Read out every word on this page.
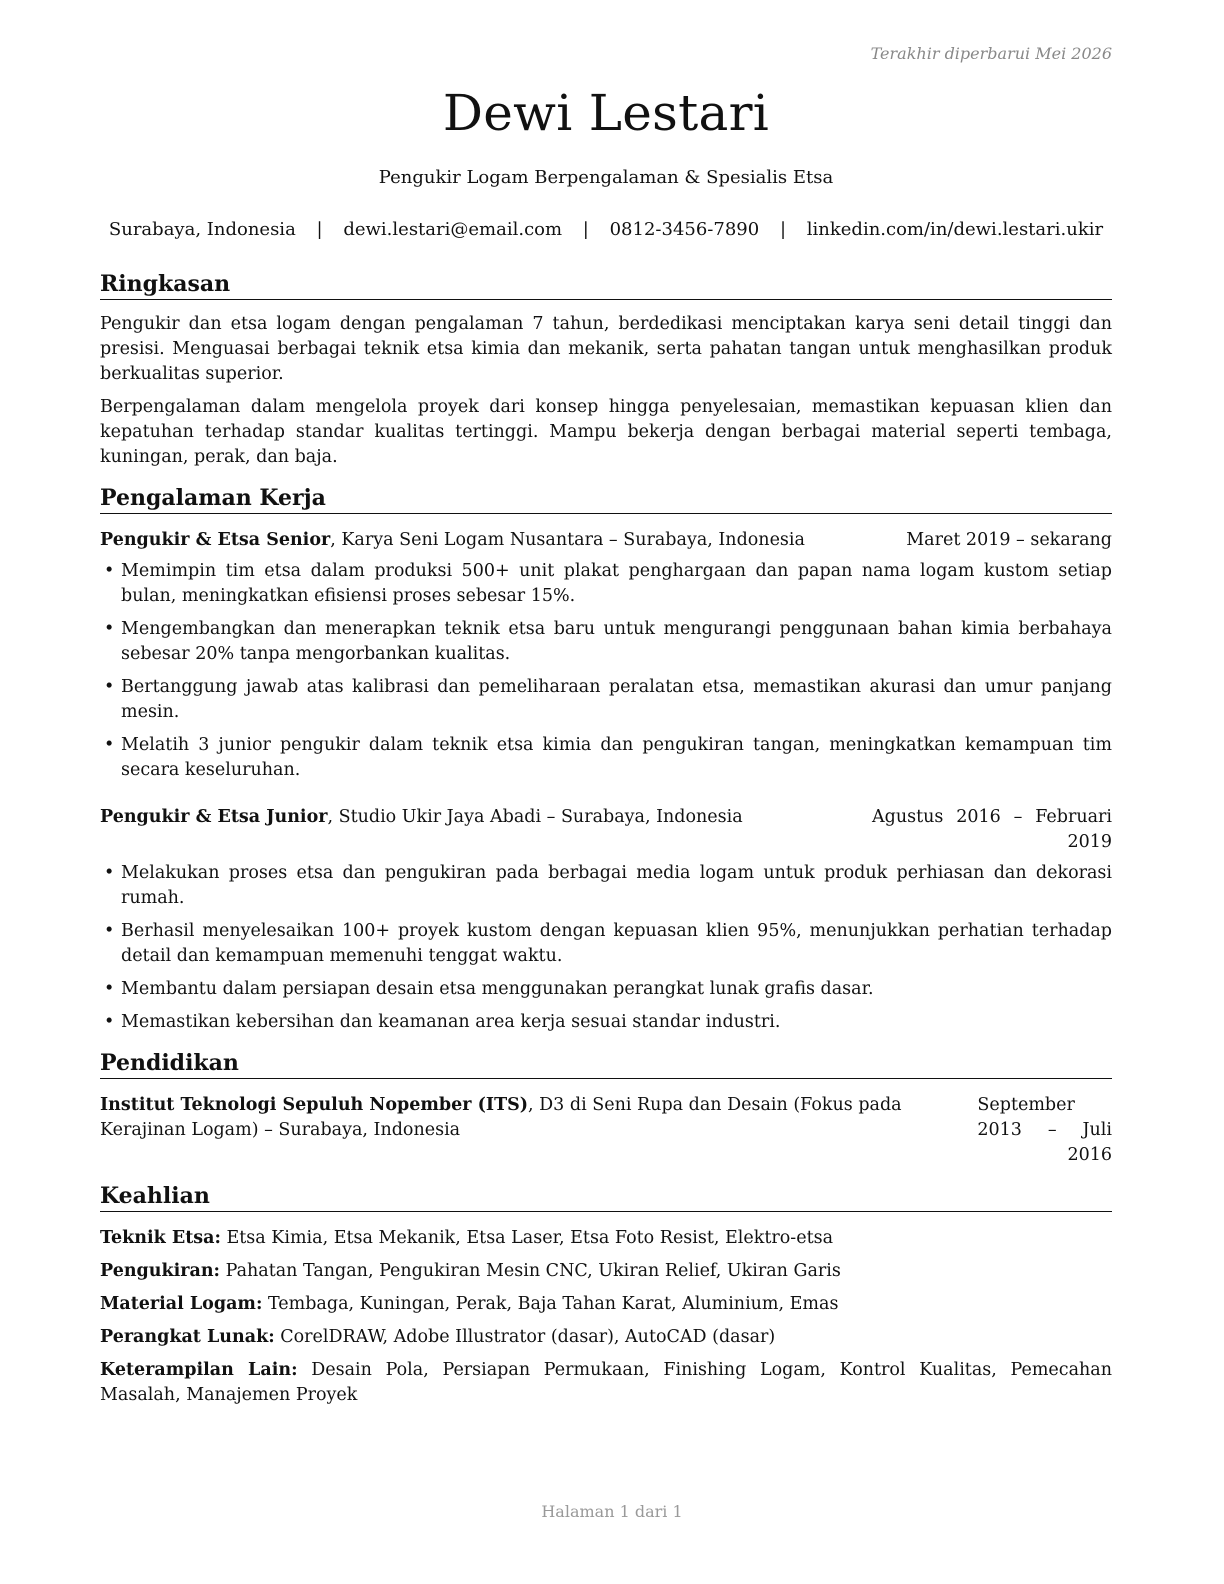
Terakhir diperbarui Mei 2026
Dewi Lestari
Pengukir Logam Berpengalaman & Spesialis Etsa
Surabaya, Indonesia | dewi.lestari@email.com | 0812-3456-7890 | linkedin.com/in/dewi.lestari.ukir
Ringkasan

Pengukir dan etsa logam dengan pengalaman 7 tahun, berdedikasi menciptakan karya seni detail tinggi dan presisi. Menguasai berbagai teknik etsa kimia dan mekanik, serta pahatan tangan untuk menghasilkan produk berkualitas superior.

Berpengalaman dalam mengelola proyek dari konsep hingga penyelesaian, memastikan kepuasan klien dan kepatuhan terhadap standar kualitas tertinggi. Mampu bekerja dengan berbagai material seperti tembaga, kuningan, perak, dan baja.

Pengalaman Kerja
Pengukir & Etsa Senior, Karya Seni Logam Nusantara – Surabaya, Indonesia	Maret 2019 – sekarang
• Memimpin tim etsa dalam produksi 500+ unit plakat penghargaan dan papan nama logam kustom setiap bulan, meningkatkan efisiensi proses sebesar 15%.
• Mengembangkan dan menerapkan teknik etsa baru untuk mengurangi penggunaan bahan kimia berbahaya sebesar 20% tanpa mengorbankan kualitas.
• Bertanggung jawab atas kalibrasi dan pemeliharaan peralatan etsa, memastikan akurasi dan umur panjang mesin.
• Melatih 3 junior pengukir dalam teknik etsa kimia dan pengukiran tangan, meningkatkan kemampuan tim secara keseluruhan.
Pengukir & Etsa Junior, Studio Ukir Jaya Abadi – Surabaya, Indonesia	Agustus 2016 – Februari 2019
• Melakukan proses etsa dan pengukiran pada berbagai media logam untuk produk perhiasan dan dekorasi rumah.
• Berhasil menyelesaikan 100+ proyek kustom dengan kepuasan klien 95%, menunjukkan perhatian terhadap detail dan kemampuan memenuhi tenggat waktu.
• Membantu dalam persiapan desain etsa menggunakan perangkat lunak grafis dasar.
• Memastikan kebersihan dan keamanan area kerja sesuai standar industri.
Pendidikan
Institut Teknologi Sepuluh Nopember (ITS), D3 di Seni Rupa dan Desain (Fokus pada Kerajinan Logam) – Surabaya, Indonesia
September 2013 – Juli 2016
Keahlian
Teknik Etsa: Etsa Kimia, Etsa Mekanik, Etsa Laser, Etsa Foto Resist, Elektro-etsa
Pengukiran: Pahatan Tangan, Pengukiran Mesin CNC, Ukiran Relief, Ukiran Garis
Material Logam: Tembaga, Kuningan, Perak, Baja Tahan Karat, Aluminium, Emas
Perangkat Lunak: CorelDRAW, Adobe Illustrator (dasar), AutoCAD (dasar)
Keterampilan Lain: Desain Pola, Persiapan Permukaan, Finishing Logam, Kontrol Kualitas, Pemecahan Masalah, Manajemen Proyek
Halaman 1 dari 1
